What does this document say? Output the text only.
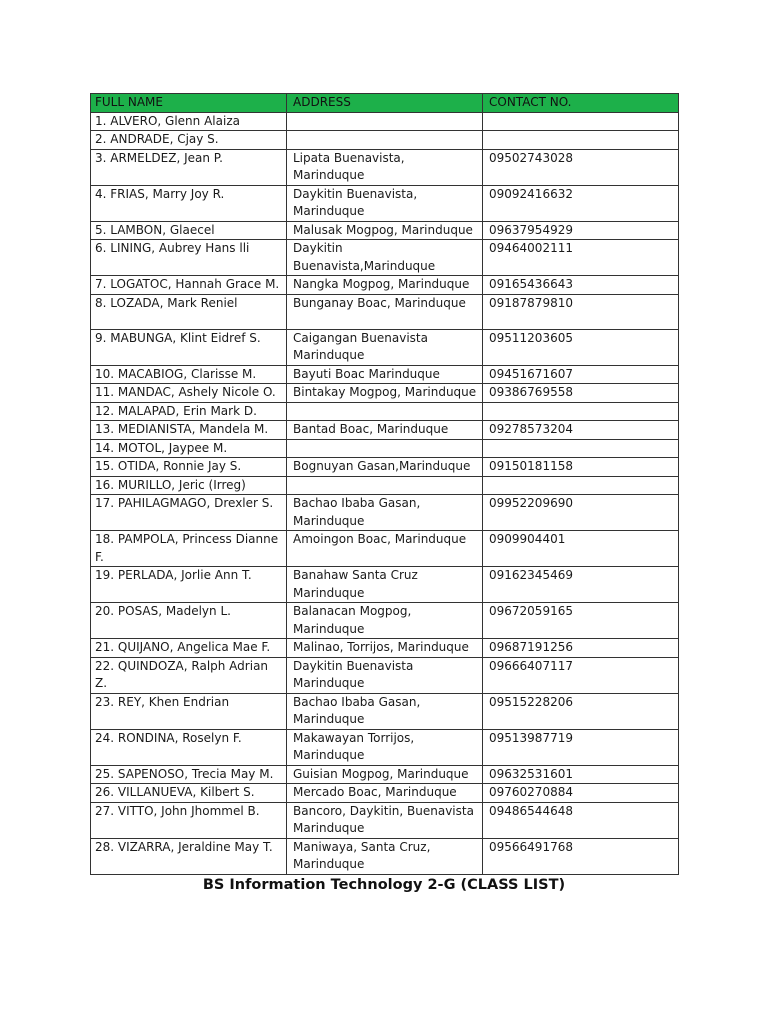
FULL NAME	ADDRESS	CONTACT NO.
1. ALVERO, Glenn Alaiza		
2. ANDRADE, Cjay S.		
3. ARMELDEZ, Jean P.	Lipata Buenavista, Marinduque	09502743028
4. FRIAS, Marry Joy R.	Daykitin Buenavista, Marinduque	09092416632
5. LAMBON, Glaecel	Malusak Mogpog, Marinduque	09637954929
6. LINING, Aubrey Hans lli	Daykitin Buenavista,Marinduque	09464002111
7. LOGATOC, Hannah Grace M.	Nangka Mogpog, Marinduque	09165436643
8. LOZADA, Mark Reniel	Bunganay Boac, Marinduque	09187879810
9. MABUNGA, Klint Eidref S.	Caigangan Buenavista Marinduque	09511203605
10. MACABIOG, Clarisse M.	Bayuti Boac Marinduque	09451671607
11. MANDAC, Ashely Nicole O.	Bintakay Mogpog, Marinduque	09386769558
12. MALAPAD, Erin Mark D.		
13. MEDIANISTA, Mandela M.	Bantad Boac, Marinduque	09278573204
14. MOTOL, Jaypee M.		
15. OTIDA, Ronnie Jay S.	Bognuyan Gasan,Marinduque	09150181158
16. MURILLO, Jeric (Irreg)		
17. PAHILAGMAGO, Drexler S.	Bachao Ibaba Gasan, Marinduque	09952209690
18. PAMPOLA, Princess Dianne F.	Amoingon Boac, Marinduque	0909904401
19. PERLADA, Jorlie Ann T.	Banahaw Santa Cruz Marinduque	09162345469
20. POSAS, Madelyn L.	Balanacan Mogpog, Marinduque	09672059165
21. QUIJANO, Angelica Mae F.	Malinao, Torrijos, Marinduque	09687191256
22. QUINDOZA, Ralph Adrian Z.	Daykitin Buenavista Marinduque	09666407117
23. REY, Khen Endrian	Bachao Ibaba Gasan, Marinduque	09515228206
24. RONDINA, Roselyn F.	Makawayan Torrijos, Marinduque	09513987719
25. SAPENOSO, Trecia May M.	Guisian Mogpog, Marinduque	09632531601
26. VILLANUEVA, Kilbert S.	Mercado Boac, Marinduque	09760270884
27. VITTO, John Jhommel B.	Bancoro, Daykitin, Buenavista Marinduque	09486544648
28. VIZARRA, Jeraldine May T.	Maniwaya, Santa Cruz, Marinduque	09566491768
BS Information Technology 2-G (CLASS LIST)
